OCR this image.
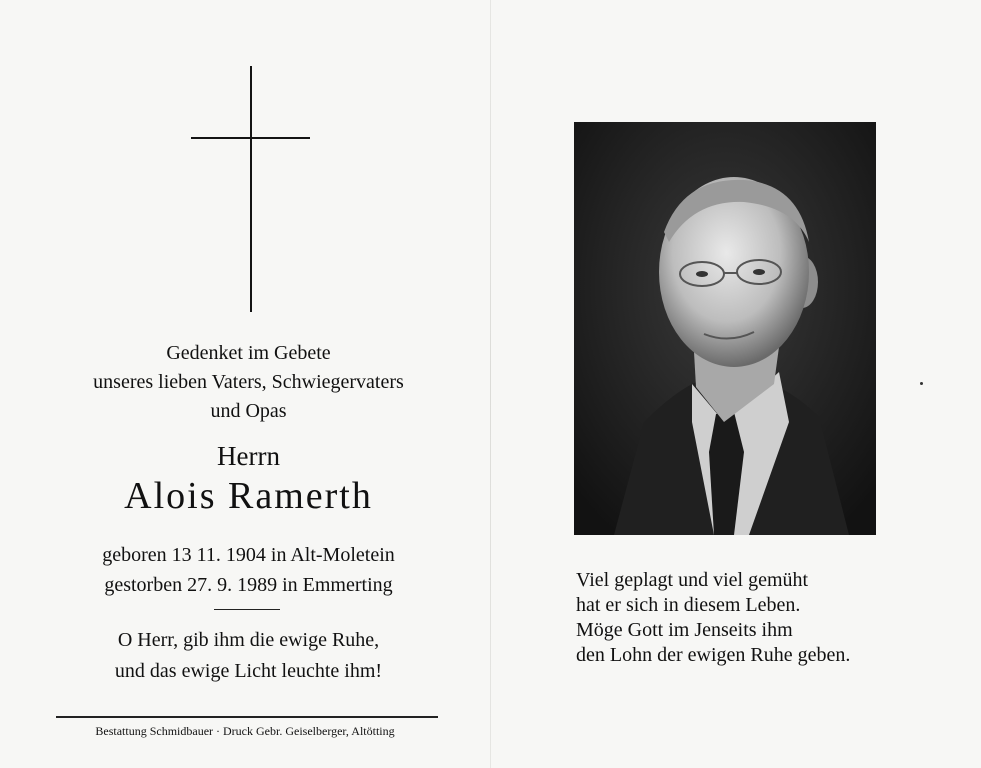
Gedenket im Gebete
unseres lieben Vaters, Schwiegervaters
und Opas
Herrn
Alois Ramerth
geboren 13 11. 1904 in Alt-Moletein
gestorben 27. 9. 1989 in Emmerting
O Herr, gib ihm die ewige Ruhe,
und das ewige Licht leuchte ihm!
Bestattung Schmidbauer · Druck Gebr. Geiselberger, Altötting
Viel geplagt und viel gemüht
hat er sich in diesem Leben.
Möge Gott im Jenseits ihm
den Lohn der ewigen Ruhe geben.
